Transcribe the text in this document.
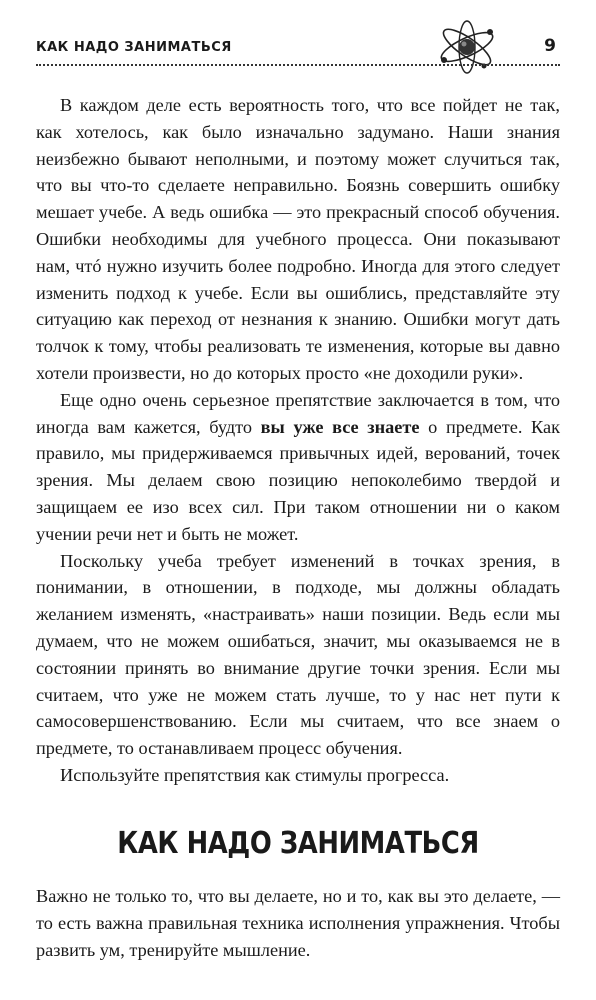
КАК НАДО ЗАНИМАТЬСЯ	9

В каждом деле есть вероятность того, что все пойдет не так, как хотелось, как было изначально задумано. Наши знания неизбежно бывают неполными, и поэтому может случиться так, что вы что-то сделаете неправильно. Боязнь совершить ошибку мешает учебе. А ведь ошибка — это прекрасный способ обучения. Ошибки необходимы для учебного процесса. Они показывают нам, чтó нужно изучить более подробно. Иногда для этого следует изменить подход к учебе. Если вы ошиблись, представляйте эту ситуацию как переход от незнания к знанию. Ошибки могут дать толчок к тому, чтобы реализовать те изменения, которые вы давно хотели произвести, но до которых просто «не доходили руки».

Еще одно очень серьезное препятствие заключается в том, что иногда вам кажется, будто вы уже все знаете о предмете. Как правило, мы придерживаемся привычных идей, верований, точек зрения. Мы делаем свою позицию непоколебимо твердой и защищаем ее изо всех сил. При таком отношении ни о каком учении речи нет и быть не может.

Поскольку учеба требует изменений в точках зрения, в понимании, в отношении, в подходе, мы должны обладать желанием изменять, «настраивать» наши позиции. Ведь если мы думаем, что не можем ошибаться, значит, мы оказываемся не в состоянии принять во внимание другие точки зрения. Если мы считаем, что уже не можем стать лучше, то у нас нет пути к самосовершенствованию. Если мы считаем, что все знаем о предмете, то останавливаем процесс обучения.

Используйте препятствия как стимулы прогресса.

КАК НАДО ЗАНИМАТЬСЯ

Важно не только то, что вы делаете, но и то, как вы это делаете, — то есть важна правильная техника исполнения упражнения. Чтобы развить ум, тренируйте мышление.
